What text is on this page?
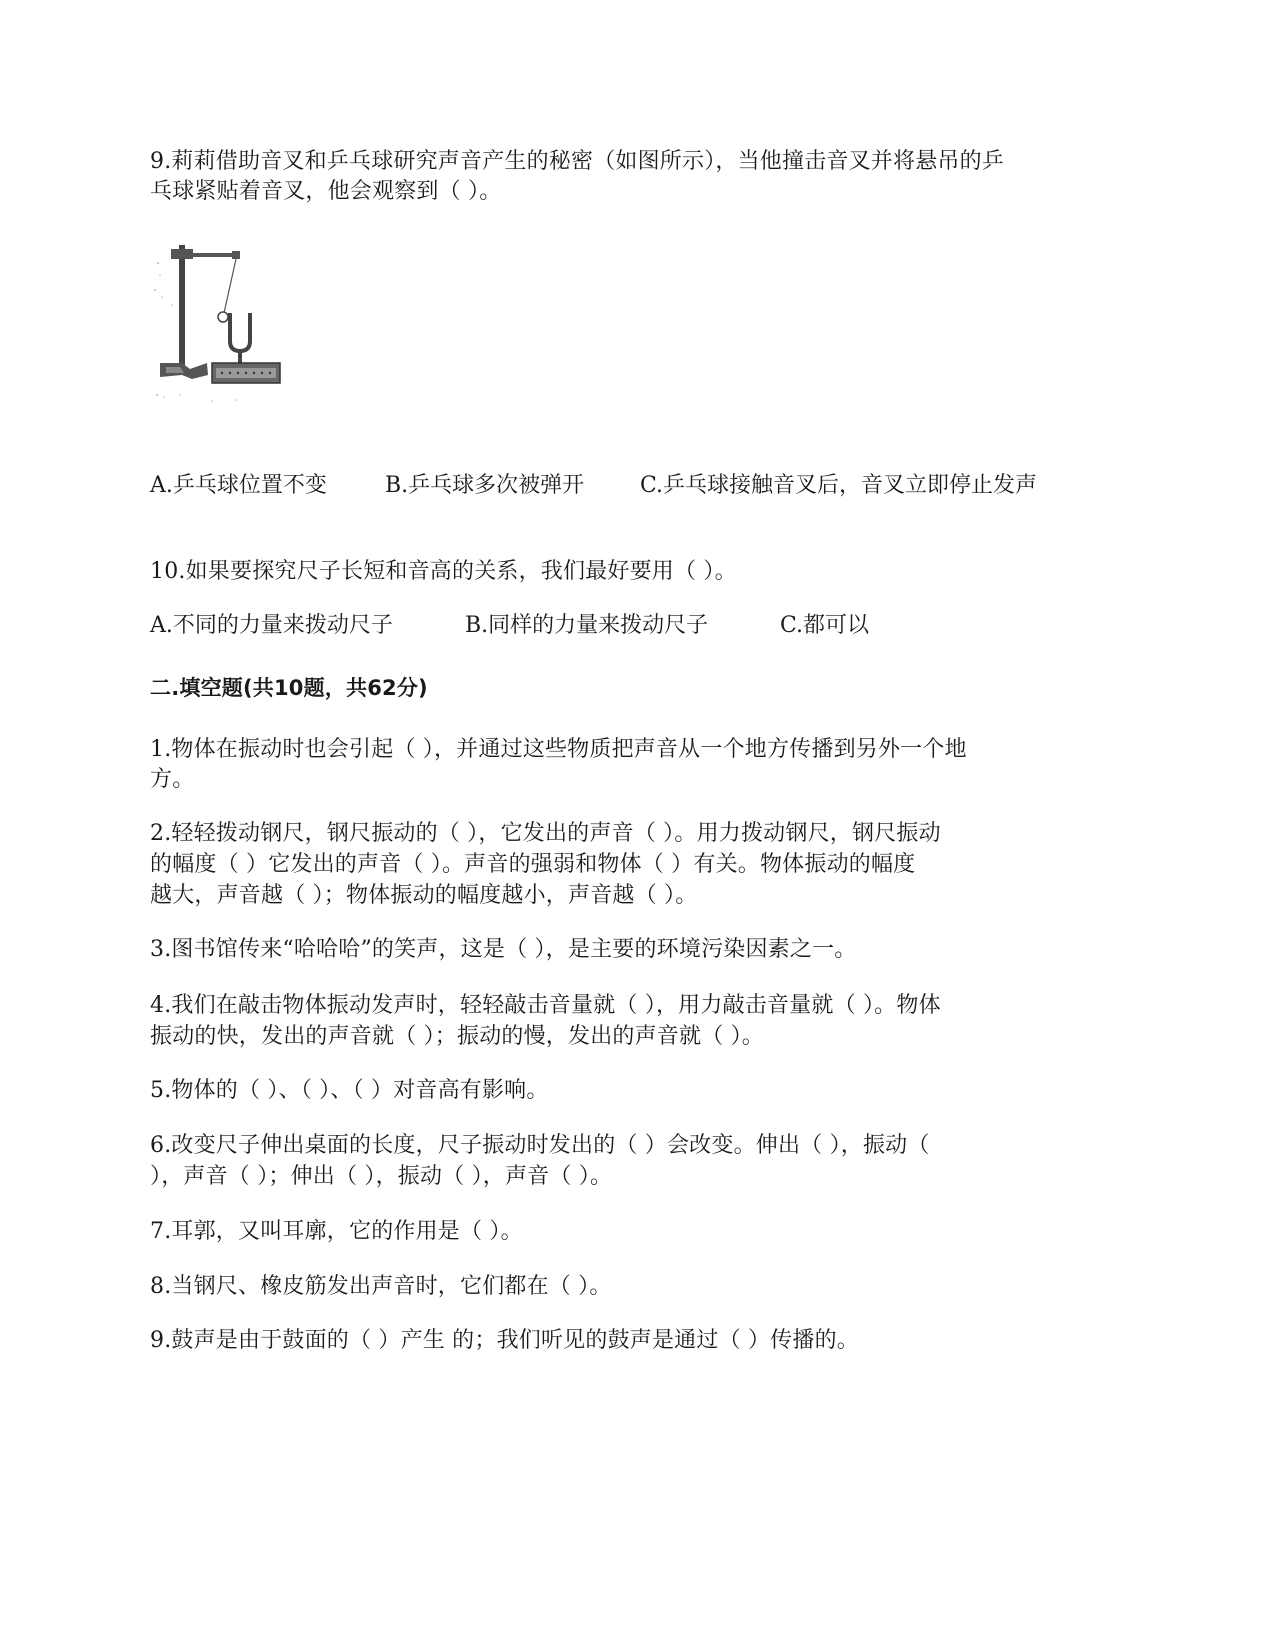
9.莉莉借助音叉和乒乓球研究声音产生的秘密（如图所示），当他撞击音叉并将悬吊的乒
乓球紧贴着音叉，他会观察到（ ）。
A.乒乓球位置不变	B.乒乓球多次被弹开	C.乒乓球接触音叉后，音叉立即停止发声
10.如果要探究尺子长短和音高的关系，我们最好要用（ ）。
A.不同的力量来拨动尺子	B.同样的力量来拨动尺子	C.都可以
二.填空题(共10题，共62分)
1.物体在振动时也会引起（ ），并通过这些物质把声音从一个地方传播到另外一个地
方。
2.轻轻拨动钢尺，钢尺振动的（ ），它发出的声音（ ）。用力拨动钢尺，钢尺振动
的幅度（ ）它发出的声音（ ）。声音的强弱和物体（ ）有关。物体振动的幅度
越大，声音越（ ）；物体振动的幅度越小，声音越（ ）。
3.图书馆传来“哈哈哈”的笑声，这是（ ），是主要的环境污染因素之一。
4.我们在敲击物体振动发声时，轻轻敲击音量就（ ），用力敲击音量就（ ）。物体
振动的快，发出的声音就（ ）；振动的慢，发出的声音就（ ）。
5.物体的（ ）、（ ）、（ ）对音高有影响。
6.改变尺子伸出桌面的长度，尺子振动时发出的（ ）会改变。伸出（ ），振动（
），声音（ ）；伸出（ ），振动（ ），声音（ ）。
7.耳郭，又叫耳廓，它的作用是（ ）。
8.当钢尺、橡皮筋发出声音时，它们都在（ ）。
9.鼓声是由于鼓面的（ ）产生 的；我们听见的鼓声是通过（ ）传播的。
